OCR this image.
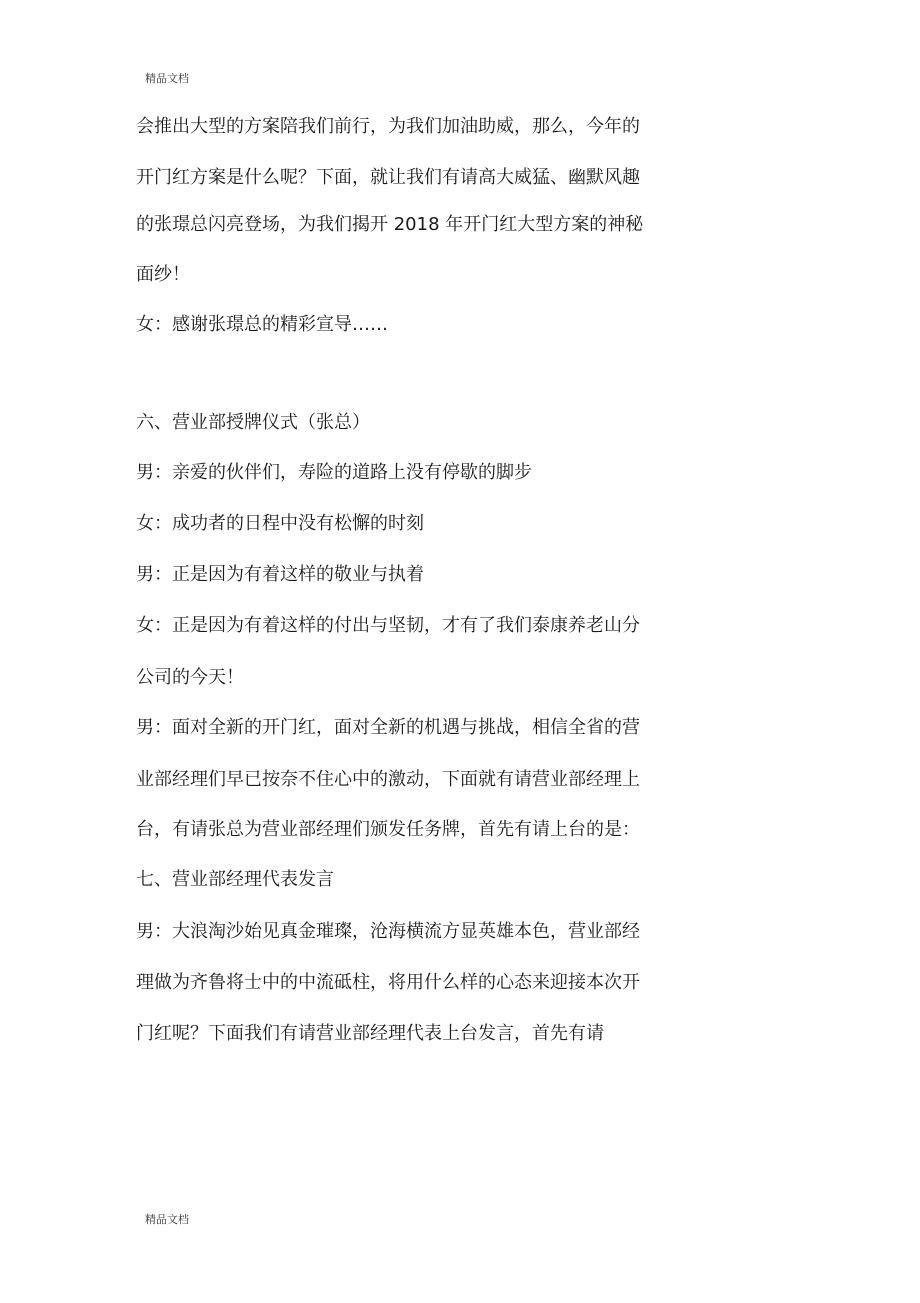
精品文档
会推出大型的方案陪我们前行，为我们加油助威，那么，今年的
开门红方案是什么呢？下面，就让我们有请高大威猛、幽默风趣
的张璟总闪亮登场，为我们揭开 2018 年开门红大型方案的神秘
面纱！
女：感谢张璟总的精彩宣导……
六、营业部授牌仪式（张总）
男：亲爱的伙伴们，寿险的道路上没有停歇的脚步
女：成功者的日程中没有松懈的时刻
男：正是因为有着这样的敬业与执着
女：正是因为有着这样的付出与坚韧，才有了我们泰康养老山分
公司的今天！
男：面对全新的开门红，面对全新的机遇与挑战，相信全省的营
业部经理们早已按奈不住心中的激动，下面就有请营业部经理上
台，有请张总为营业部经理们颁发任务牌，首先有请上台的是：
七、营业部经理代表发言
男：大浪淘沙始见真金璀璨，沧海横流方显英雄本色，营业部经
理做为齐鲁将士中的中流砥柱，将用什么样的心态来迎接本次开
门红呢？下面我们有请营业部经理代表上台发言，首先有请
精品文档
